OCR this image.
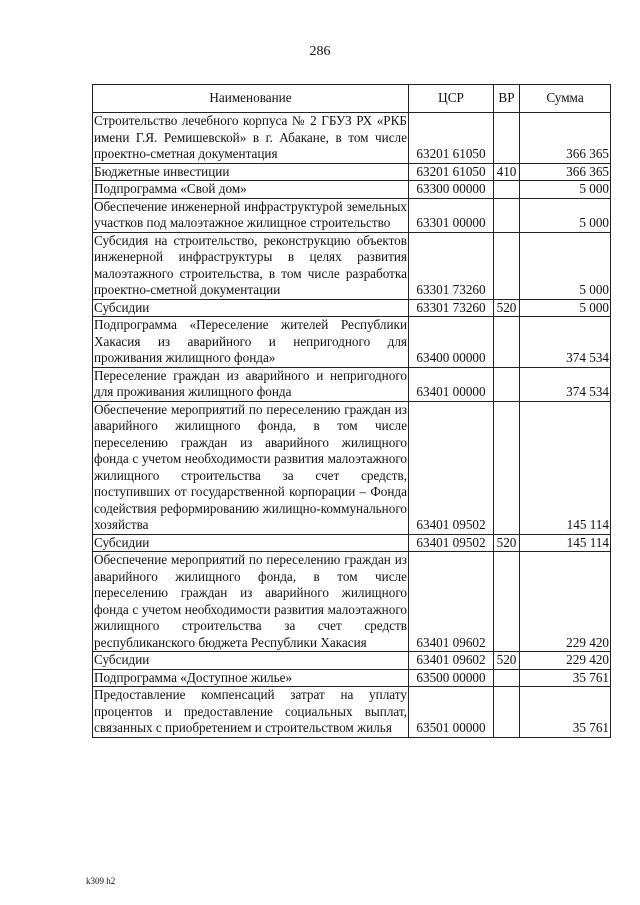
286
Наименование	ЦСР	ВР	Сумма
Строительство лечебного корпуса № 2 ГБУЗ РХ «РКБ имени Г.Я. Ремишевской» в г. Абакане, в том числе проектно-сметная документация	63201 61050		366 365
Бюджетные инвестиции	63201 61050	410	366 365
Подпрограмма «Свой дом»	63300 00000		5 000
Обеспечение инженерной инфраструктурой земельных участков под малоэтажное жилищное строительство	63301 00000		5 000
Субсидия на строительство, реконструкцию объектов инженерной инфраструктуры в целях развития малоэтажного строительства, в том числе разработка проектно-сметной документации	63301 73260		5 000
Субсидии	63301 73260	520	5 000
Подпрограмма «Переселение жителей Республики Хакасия из аварийного и непригодного для проживания жилищного фонда»	63400 00000		374 534
Переселение граждан из аварийного и непригодного для проживания жилищного фонда	63401 00000		374 534
Обеспечение мероприятий по переселению граждан из аварийного жилищного фонда, в том числе переселению граждан из аварийного жилищного фонда с учетом необходимости развития малоэтажного жилищного строительства за счет средств, поступивших от государственной корпорации – Фонда содействия реформированию жилищно-коммунального хозяйства	63401 09502		145 114
Субсидии	63401 09502	520	145 114
Обеспечение мероприятий по переселению граждан из аварийного жилищного фонда, в том числе переселению граждан из аварийного жилищного фонда с учетом необходимости развития малоэтажного жилищного строительства за счет средств республиканского бюджета Республики Хакасия	63401 09602		229 420
Субсидии	63401 09602	520	229 420
Подпрограмма «Доступное жилье»	63500 00000		35 761
Предоставление компенсаций затрат на уплату процентов и предоставление социальных выплат, связанных с приобретением и строительством жилья	63501 00000		35 761
k309 h2
